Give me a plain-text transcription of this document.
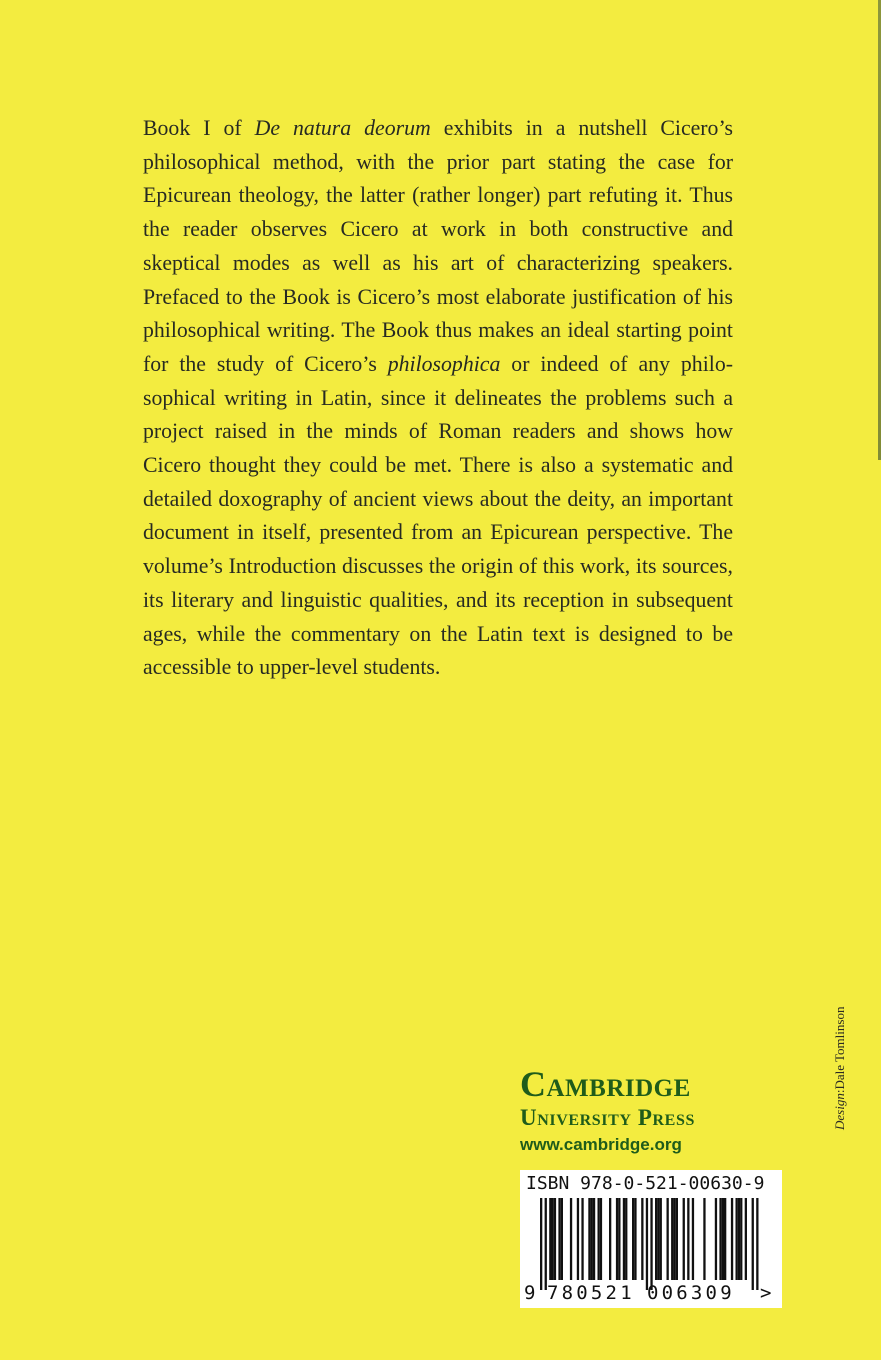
Book I of De natura deorum exhibits in a nutshell Cicero’s philosophical method, with the prior part stating the case for Epicurean theology, the latter (rather longer) part refuting it. Thus the reader observes Cicero at work in both constructive and skeptical modes as well as his art of characterizing speakers. Prefaced to the Book is Cicero’s most elaborate justification of his philosophical writing. The Book thus makes an ideal starting point for the study of Cicero’s philosophica or indeed of any philosophical writing in Latin, since it delineates the problems such a project raised in the minds of Roman readers and shows how Cicero thought they could be met. There is also a systematic and detailed doxography of ancient views about the deity, an important document in itself, presented from an Epicurean perspective. The volume’s Introduction discusses the origin of this work, its sources, its literary and linguistic qualities, and its reception in subsequent ages, while the commentary on the Latin text is designed to be accessible to upper-level students.

Design:Dale Tomlinson
Cambridge
University Press
www.cambridge.org
ISBN 978-0-521-00630-9
9 780521 006309 >
